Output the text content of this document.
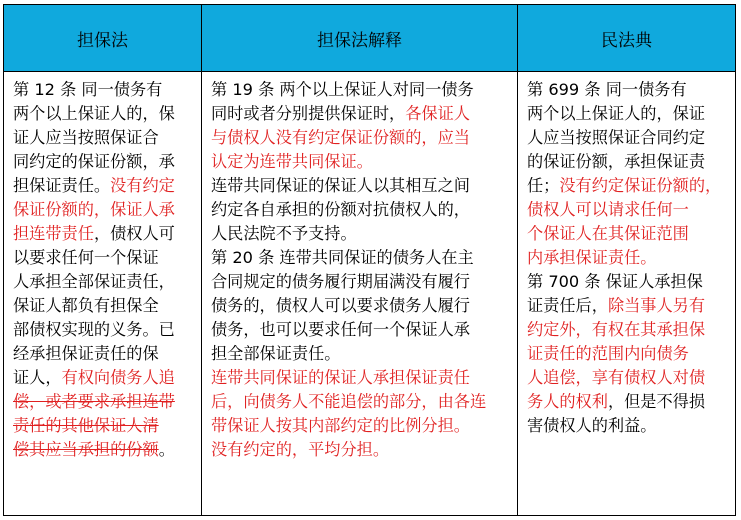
担保法	担保法解释	民法典
第 12 条 同一债务有
两个以上保证人的，保
证人应当按照保证合
同约定的保证份额，承
担保证责任。没有约定
保证份额的，保证人承
担连带责任，债权人可
以要求任何一个保证
人承担全部保证责任，
保证人都负有担保全
部债权实现的义务。已
经承担保证责任的保
证人，有权向债务人追
偿，或者要求承担连带
责任的其他保证人清
偿其应当承担的份额。
第 19 条 两个以上保证人对同一债务
同时或者分别提供保证时，各保证人
与债权人没有约定保证份额的，应当
认定为连带共同保证。
连带共同保证的保证人以其相互之间
约定各自承担的份额对抗债权人的，
人民法院不予支持。
第 20 条 连带共同保证的债务人在主
合同规定的债务履行期届满没有履行
债务的，债权人可以要求债务人履行
债务，也可以要求任何一个保证人承
担全部保证责任。
连带共同保证的保证人承担保证责任
后，向债务人不能追偿的部分，由各连
带保证人按其内部约定的比例分担。
没有约定的，平均分担。
第 699 条 同一债务有
两个以上保证人的，保证
人应当按照保证合同约定
的保证份额，承担保证责
任；没有约定保证份额的，
债权人可以请求任何一
个保证人在其保证范围
内承担保证责任。
第 700 条 保证人承担保
证责任后，除当事人另有
约定外，有权在其承担保
证责任的范围内向债务
人追偿，享有债权人对债
务人的权利，但是不得损
害债权人的利益。
